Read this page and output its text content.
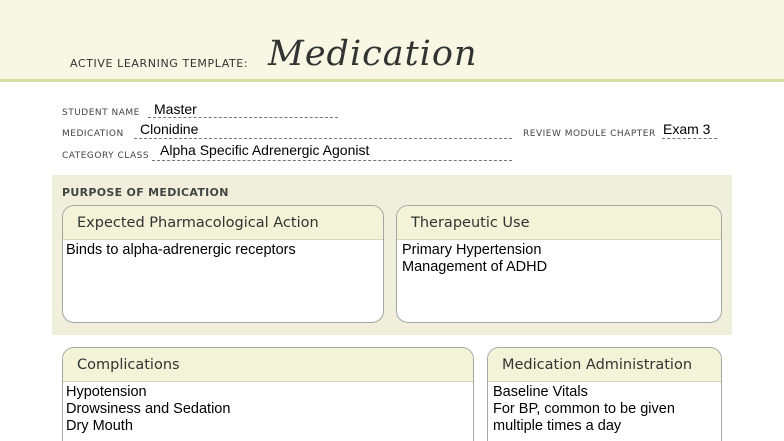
ACTIVE LEARNING TEMPLATE: Medication
STUDENT NAME Master
MEDICATION Clonidine	REVIEW MODULE CHAPTER Exam 3
CATEGORY CLASS Alpha Specific Adrenergic Agonist
PURPOSE OF MEDICATION
Expected Pharmacological Action
Binds to alpha-adrenergic receptors
Therapeutic Use
Primary Hypertension
Management of ADHD
Complications
Hypotension
Drowsiness and Sedation
Dry Mouth
Medication Administration
Baseline Vitals
For BP, common to be given
multiple times a day
